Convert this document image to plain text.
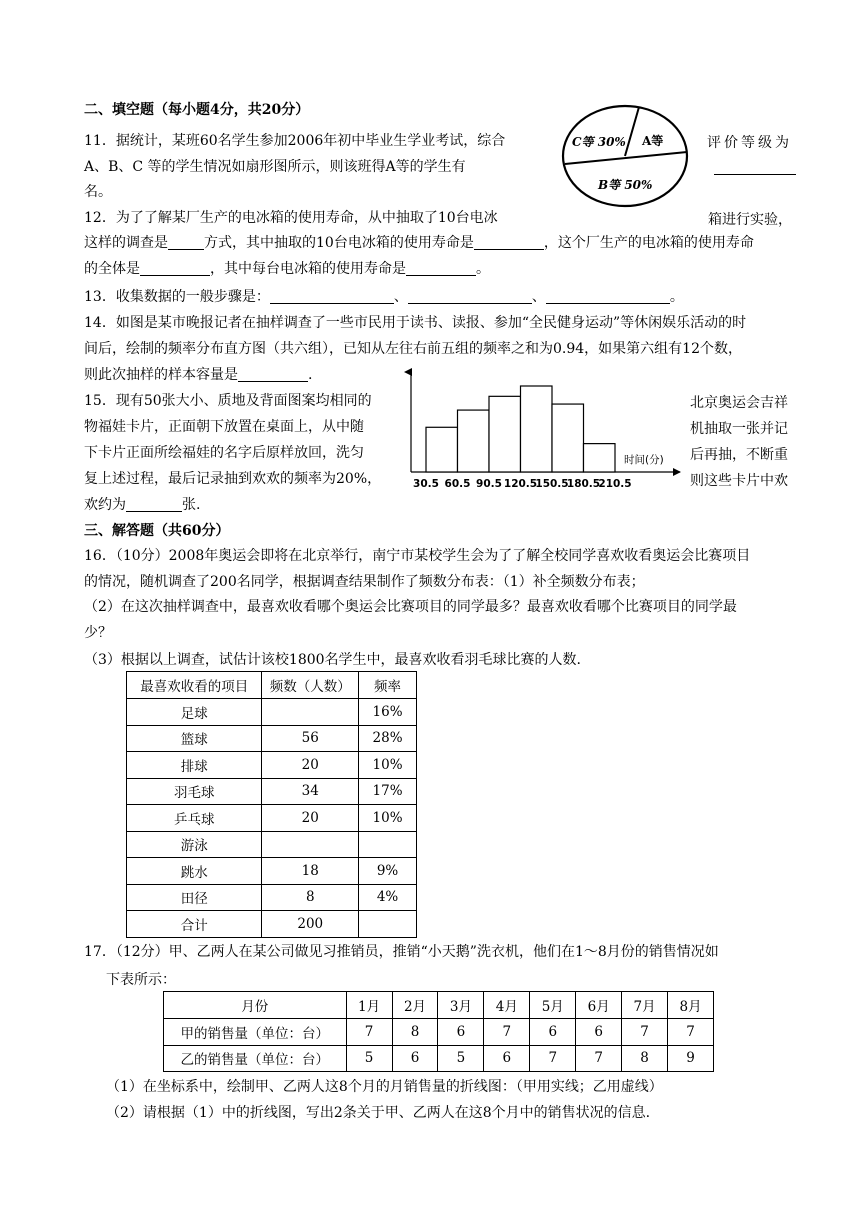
二、填空题（每小题4分，共20分）
11．据统计，某班60名学生参加2006年初中毕业生学业考试，综合	评价等级为
A、B、C 等的学生情况如扇形图所示，则该班得A等的学生有
名。
C等 30% A等
B等 50%
12．为了了解某厂生产的电冰箱的使用寿命，从中抽取了10台电冰	箱进行实验，
这样的调查是	方式，其中抽取的10台电冰箱的使用寿命是	，这个厂生产的电冰箱的使用寿命
的全体是	，其中每台电冰箱的使用寿命是	。
13．收集数据的一般步骤是：	、	、	。
14．如图是某市晚报记者在抽样调查了一些市民用于读书、读报、参加“全民健身运动”等休闲娱乐活动的时
间后，绘制的频率分布直方图（共六组），已知从左往右前五组的频率之和为0.94，如果第六组有12个数，
则此次抽样的样本容量是	.
30.5 60.5 90.5 120.5
150.5
180.5
210.5
时间(分)
15．现有50张大小、质地及背面图案均相同的	北京奥运会吉祥
物福娃卡片，正面朝下放置在桌面上，从中随	机抽取一张并记
下卡片正面所绘福娃的名字后原样放回，洗匀	后再抽，不断重
复上述过程，最后记录抽到欢欢的频率为20%，	则这些卡片中欢
欢约为	张.
三、解答题（共60分）
16．（10分）2008年奥运会即将在北京举行，南宁市某校学生会为了了解全校同学喜欢收看奥运会比赛项目
的情况，随机调查了200名同学，根据调查结果制作了频数分布表：（1）补全频数分布表；
（2）在这次抽样调查中，最喜欢收看哪个奥运会比赛项目的同学最多？最喜欢收看哪个比赛项目的同学最
少？
（3）根据以上调查，试估计该校1800名学生中，最喜欢收看羽毛球比赛的人数.
最喜欢收看的项目	频数（人数）	频率
足球		16%
篮球	56	28%
排球	20	10%
羽毛球	34	17%
乒乓球	20	10%
游泳		
跳水	18	9%
田径	8	4%
合计	200	
17．（12分）甲、乙两人在某公司做见习推销员，推销“小天鹅”洗衣机，他们在1～8月份的销售情况如
下表所示：
月份	1月	2月	3月	4月	5月	6月	7月	8月
甲的销售量（单位：台）	7	8	6	7	6	6	7	7
乙的销售量（单位：台）	5	6	5	6	7	7	8	9
（1）在坐标系中，绘制甲、乙两人这8个月的月销售量的折线图：（甲用实线；乙用虚线）
（2）请根据（1）中的折线图，写出2条关于甲、乙两人在这8个月中的销售状况的信息.
